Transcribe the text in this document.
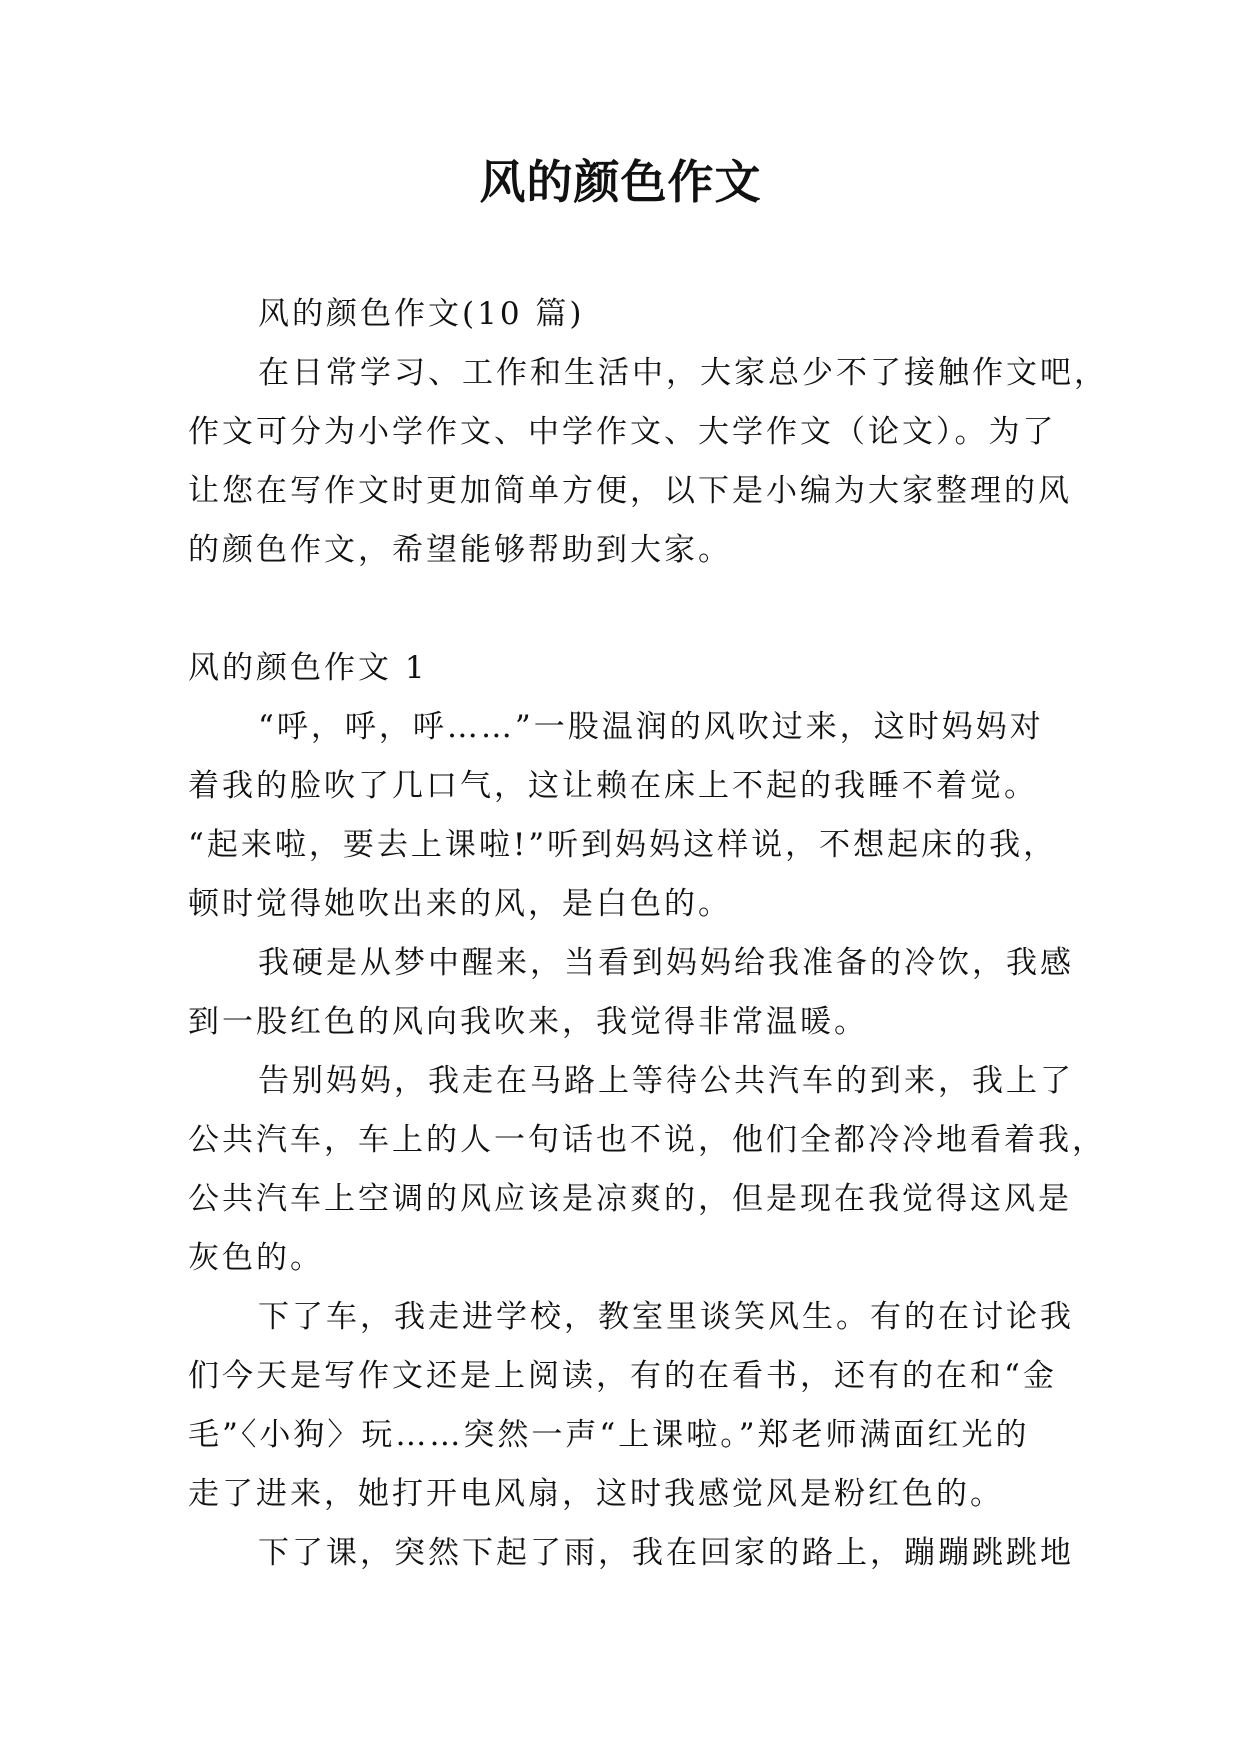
风的颜色作文
风的颜色作文(10 篇)
在日常学习、工作和生活中，大家总少不了接触作文吧，
作文可分为小学作文、中学作文、大学作文（论文）。为了
让您在写作文时更加简单方便，以下是小编为大家整理的风
的颜色作文，希望能够帮助到大家。
风的颜色作文 1
“呼，呼，呼……”一股温润的风吹过来，这时妈妈对
着我的脸吹了几口气，这让赖在床上不起的我睡不着觉。
“起来啦，要去上课啦!”听到妈妈这样说，不想起床的我，
顿时觉得她吹出来的风，是白色的。
我硬是从梦中醒来，当看到妈妈给我准备的冷饮，我感
到一股红色的风向我吹来，我觉得非常温暖。
告别妈妈，我走在马路上等待公共汽车的到来，我上了
公共汽车，车上的人一句话也不说，他们全都冷冷地看着我，
公共汽车上空调的风应该是凉爽的，但是现在我觉得这风是
灰色的。
下了车，我走进学校，教室里谈笑风生。有的在讨论我
们今天是写作文还是上阅读，有的在看书，还有的在和“金
毛”〈小狗〉玩……突然一声“上课啦。”郑老师满面红光的
走了进来，她打开电风扇，这时我感觉风是粉红色的。
下了课，突然下起了雨，我在回家的路上，蹦蹦跳跳地
